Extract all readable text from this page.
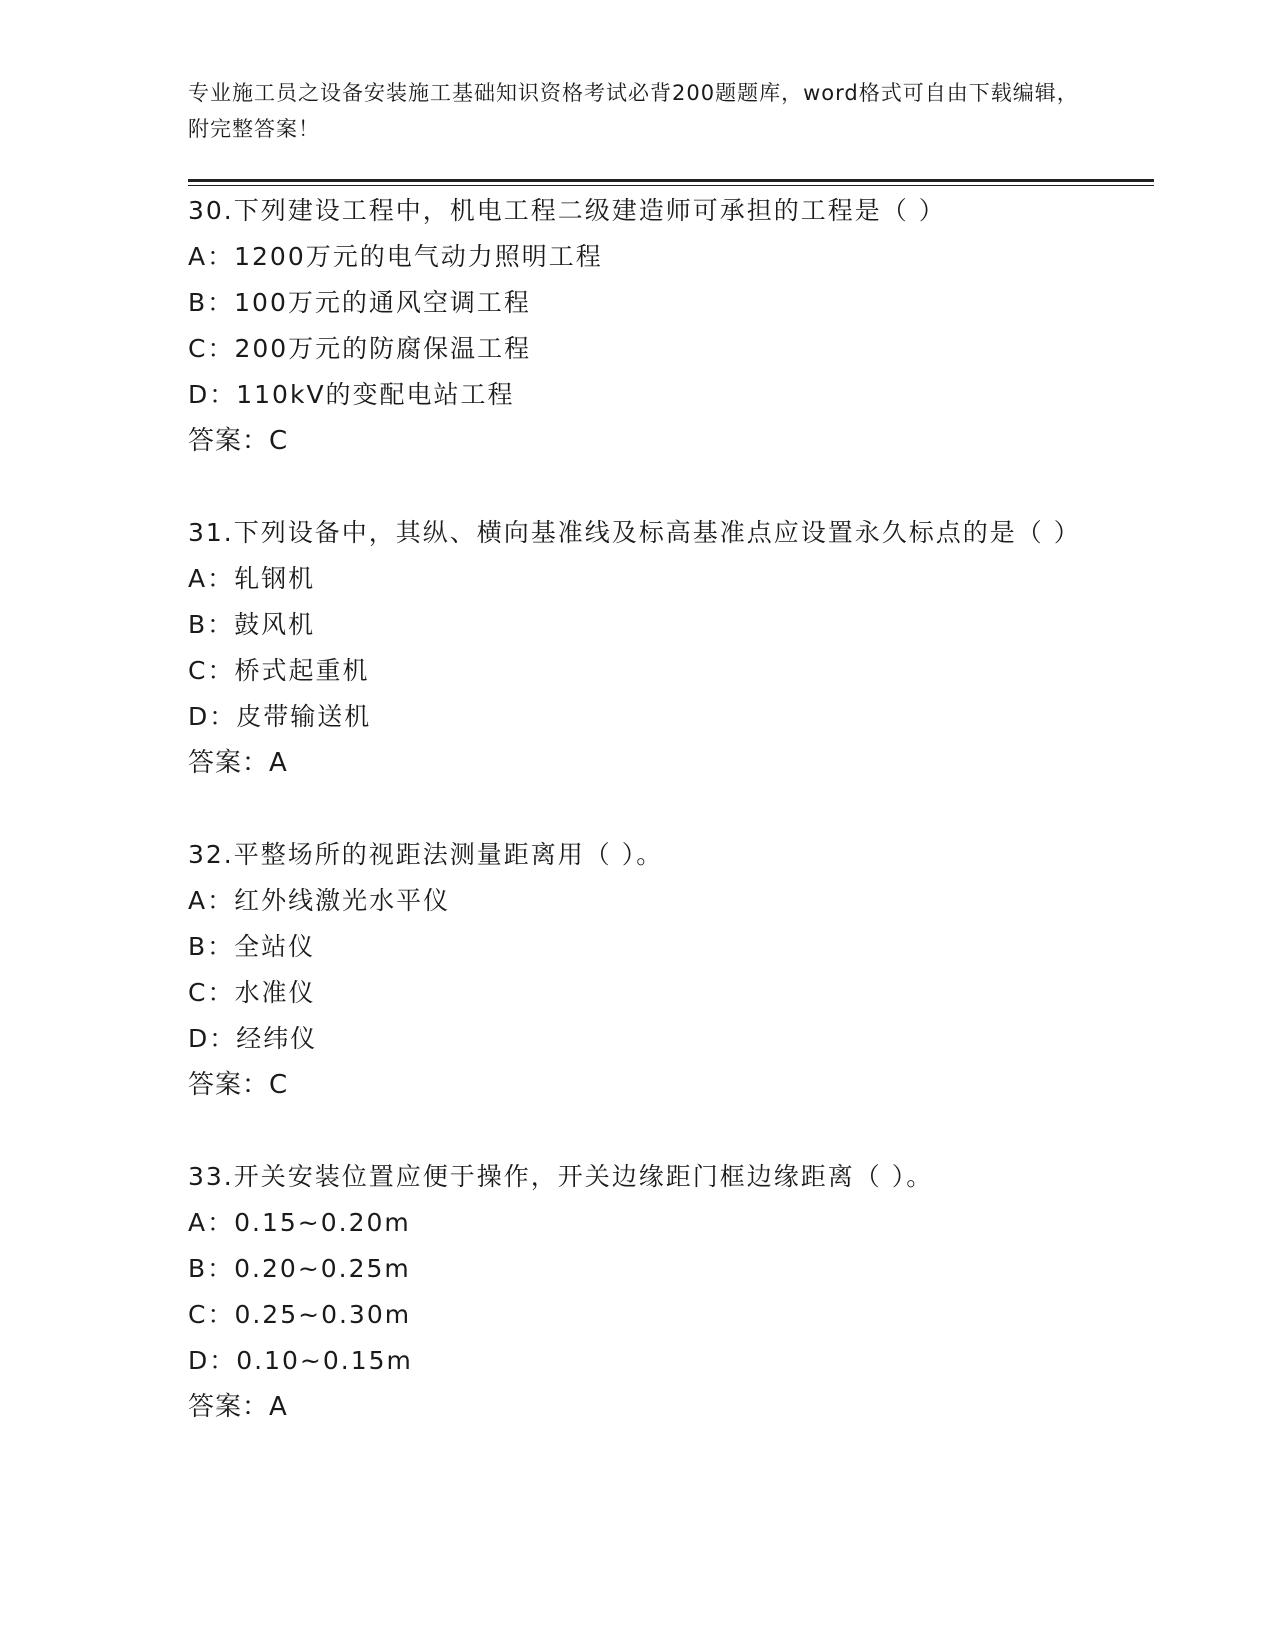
专业施工员之设备安装施工基础知识资格考试必背200题题库，word格式可自由下载编辑，附完整答案！
30.下列建设工程中，机电工程二级建造师可承担的工程是（ ）
A：1200万元的电气动力照明工程
B：100万元的通风空调工程
C：200万元的防腐保温工程
D：110kV的变配电站工程
答案：C
31.下列设备中，其纵、横向基准线及标高基准点应设置永久标点的是（ ）
A：轧钢机
B：鼓风机
C：桥式起重机
D：皮带输送机
答案：A
32.平整场所的视距法测量距离用（ ）。
A：红外线激光水平仪
B：全站仪
C：水准仪
D：经纬仪
答案：C
33.开关安装位置应便于操作，开关边缘距门框边缘距离（ ）。
A：0.15~0.20m
B：0.20~0.25m
C：0.25~0.30m
D：0.10~0.15m
答案：A
